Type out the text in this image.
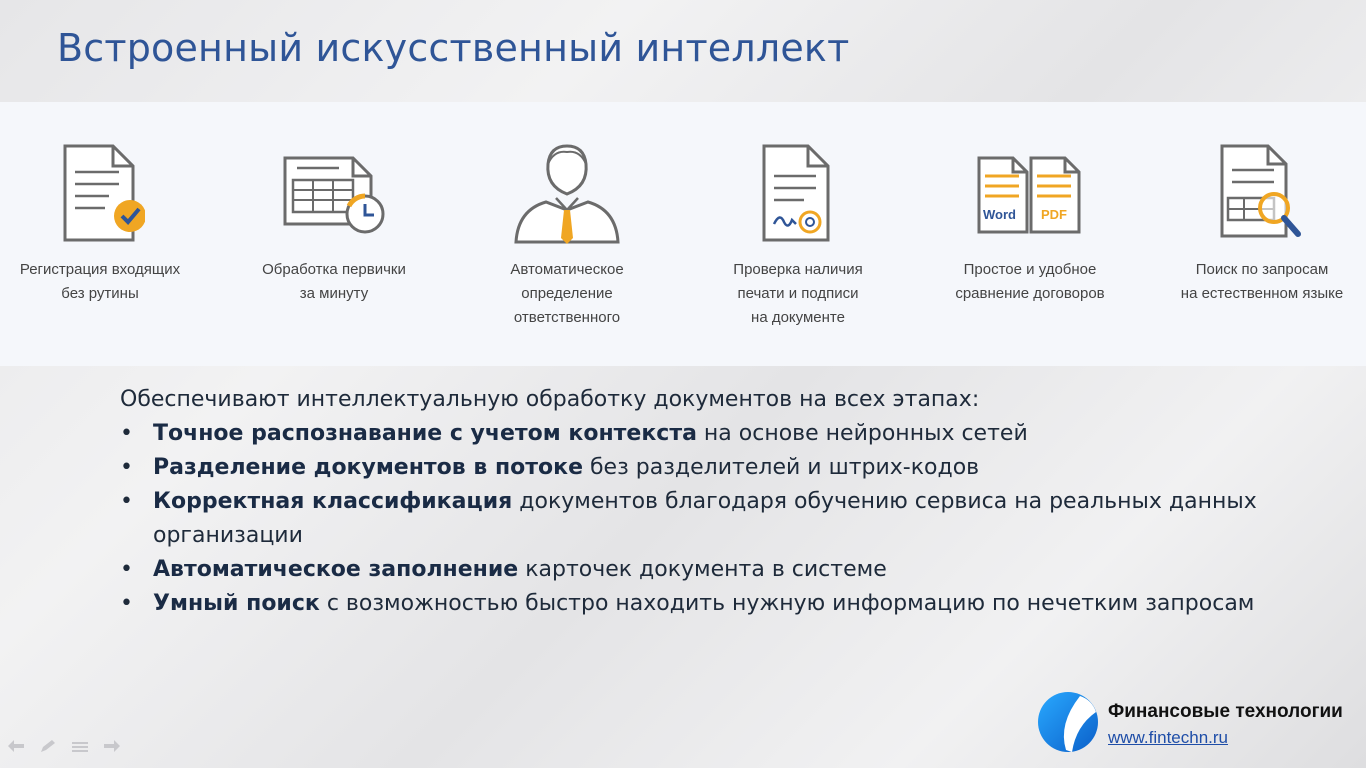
Встроенный искусственный интеллект
Регистрация входящих
без рутины
Обработка первички
за минуту
Автоматическое
определение
ответственного
Проверка наличия
печати и подписи
на документе
Word PDF
Простое и удобное
сравнение договоров
Поиск по запросам
на естественном языке

Обеспечивают интеллектуальную обработку документов на всех этапах:

• Точное распознавание с учетом контекста на основе нейронных сетей
• Разделение документов в потоке без разделителей и штрих-кодов
• Корректная классификация документов благодаря обучению сервиса на реальных данных организации
• Автоматическое заполнение карточек документа в системе
• Умный поиск с возможностью быстро находить нужную информацию по нечетким запросам
Финансовые технологии
www.fintechn.ru
